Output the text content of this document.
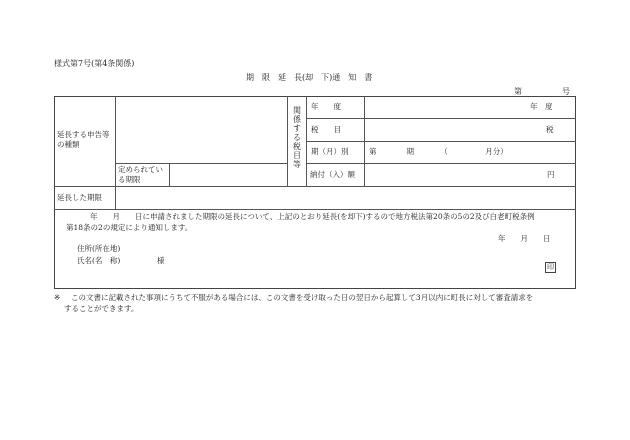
様式第7号(第4条関係)
期　限　延　長(却　下)通　知　書
第	号
延長する申告等の種類
定められている期限
関係する税目等
年　　度	年　度
税　　目	税
期（月）別	第　　　　期　　　　（　　　　　月分）
納付（入）額	円
延長した期限
年　　月　　日に申請されました期限の延長について、上記のとおり延長(を却下)するので地方税法第20条の5の2及び白老町税条例
第18条の2の規定により通知します。
年　　月　　日
住所(所在地)
氏名(名　称)	様
印
※ この文書に記載された事項にうちて不服がある場合には、この文書を受け取った日の翌日から起算して3月以内に町長に対して審査請求を
することができます。
